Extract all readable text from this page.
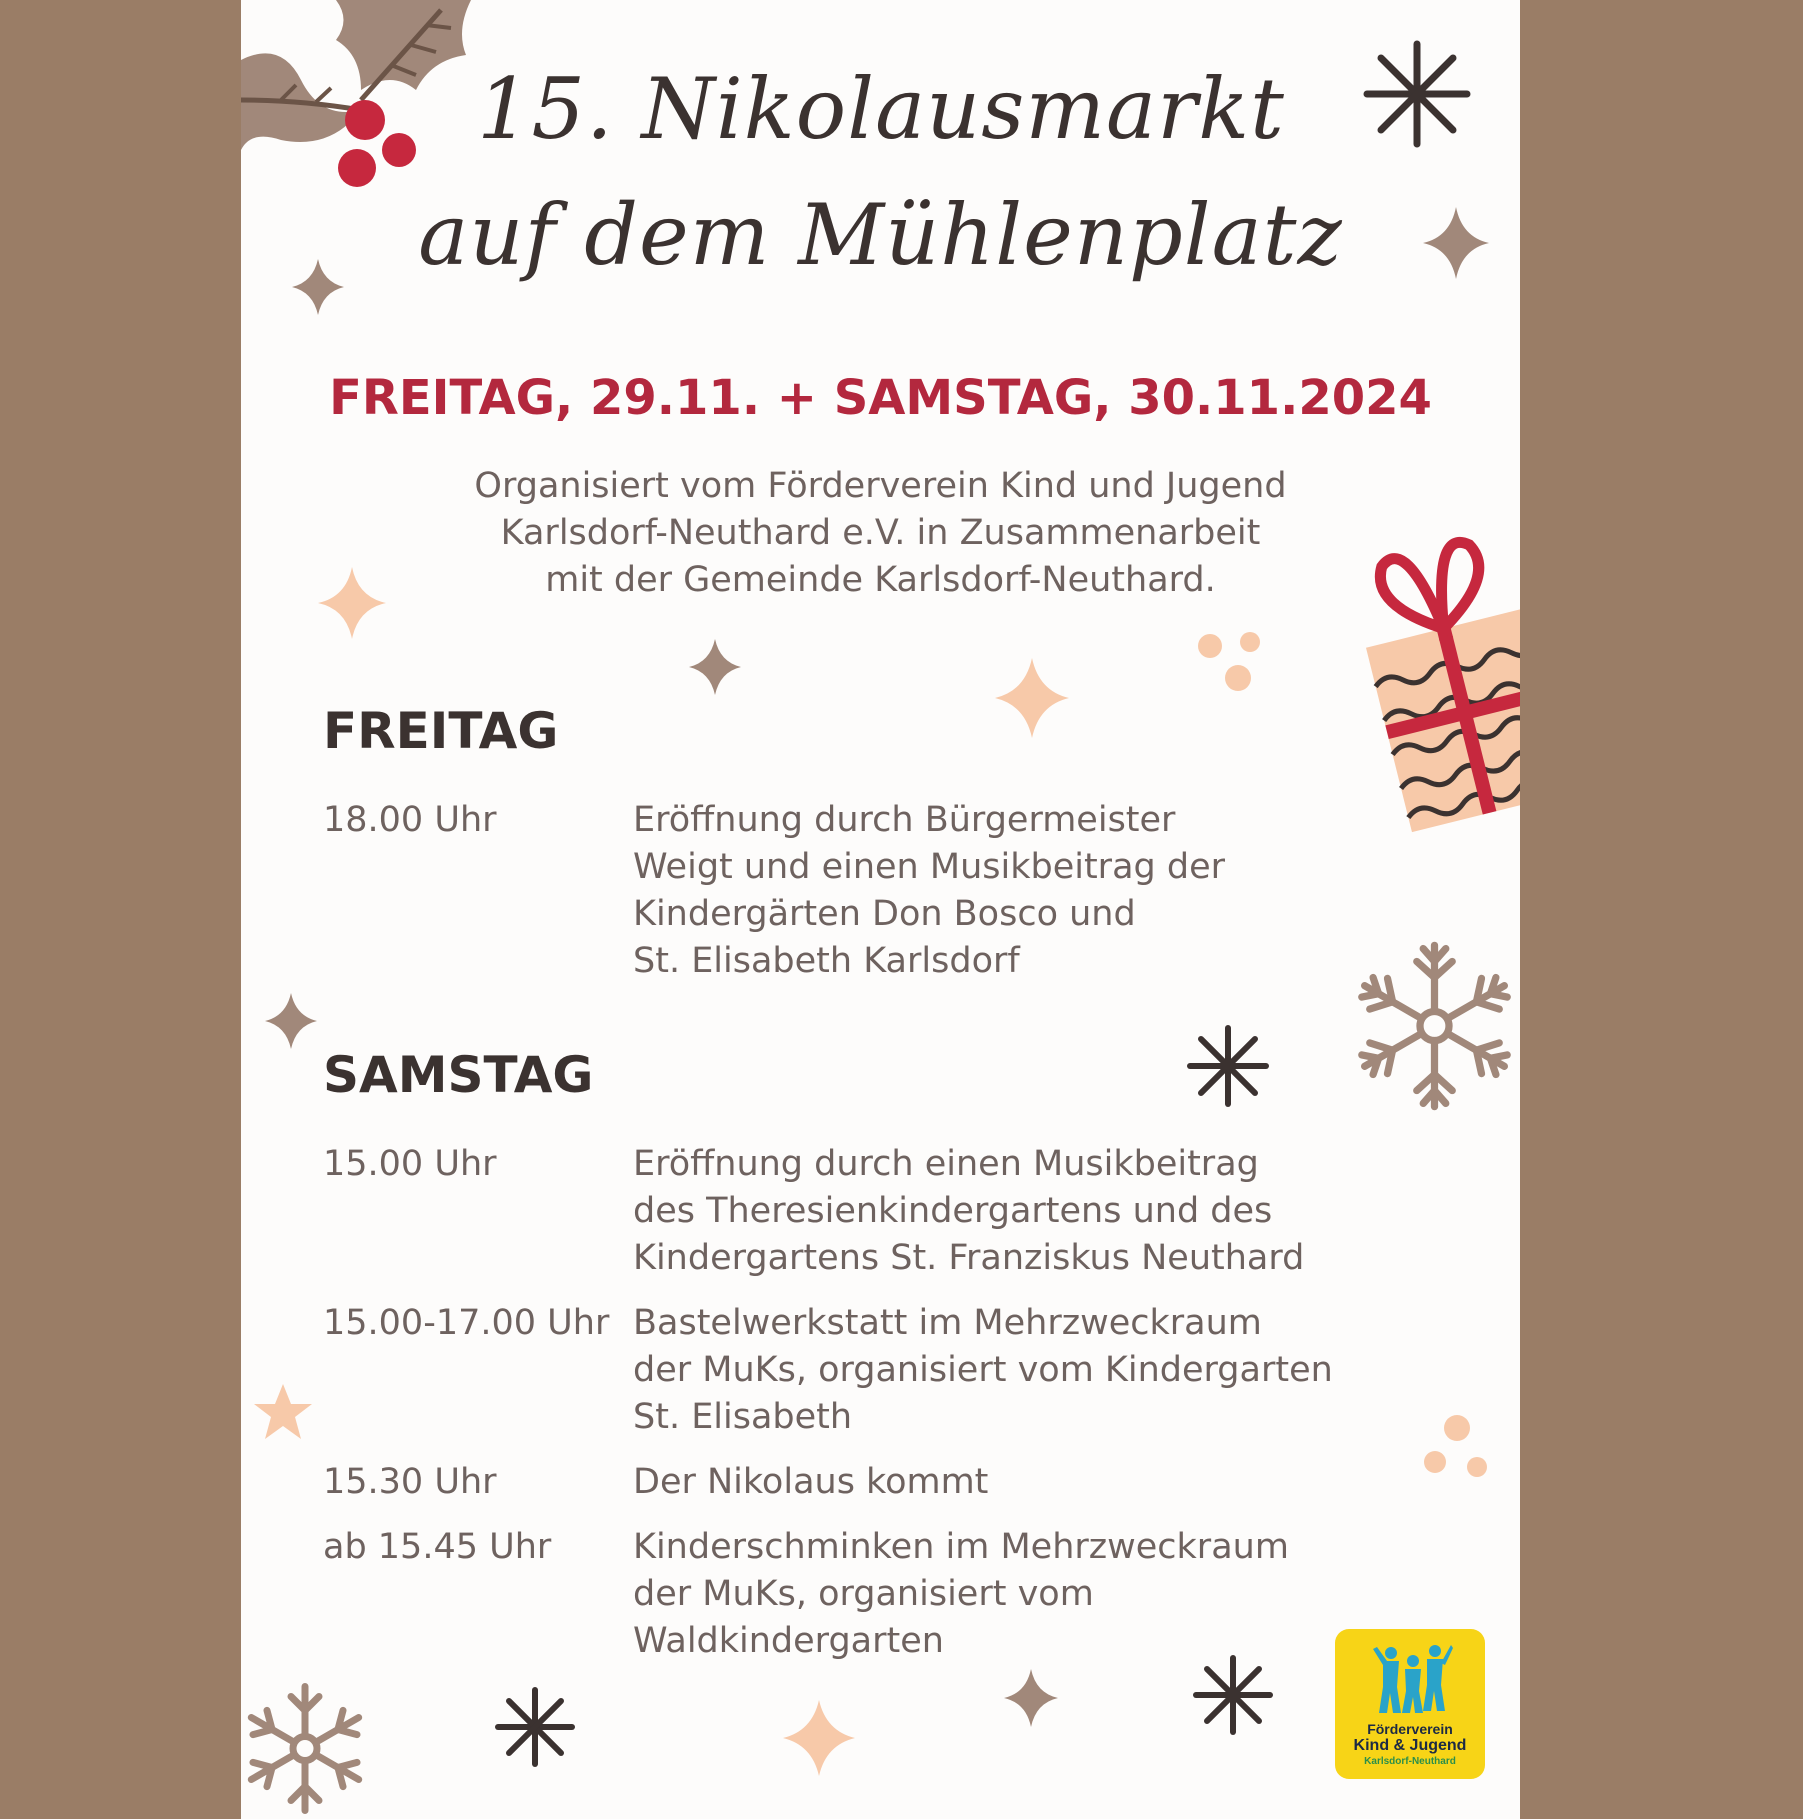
15. Nikolausmarkt
auf dem Mühlenplatz
FREITAG, 29.11. + SAMSTAG, 30.11.2024
Organisiert vom Förderverein Kind und Jugend
Karlsdorf-Neuthard e.V. in Zusammenarbeit
mit der Gemeinde Karlsdorf-Neuthard.
FREITAG
18.00 Uhr	Eröffnung durch Bürgermeister
Weigt und einen Musikbeitrag der
Kindergärten Don Bosco und
St. Elisabeth Karlsdorf
SAMSTAG
15.00 Uhr	Eröffnung durch einen Musikbeitrag
des Theresienkindergartens und des
Kindergartens St. Franziskus Neuthard
15.00-17.00 Uhr Bastelwerkstatt im Mehrzweckraum
der MuKs, organisiert vom Kindergarten
St. Elisabeth
15.30 Uhr	Der Nikolaus kommt
ab 15.45 Uhr Kinderschminken im Mehrzweckraum
der MuKs, organisiert vom
Waldkindergarten
Förderverein
Kind & Jugend
Karlsdorf-Neuthard
